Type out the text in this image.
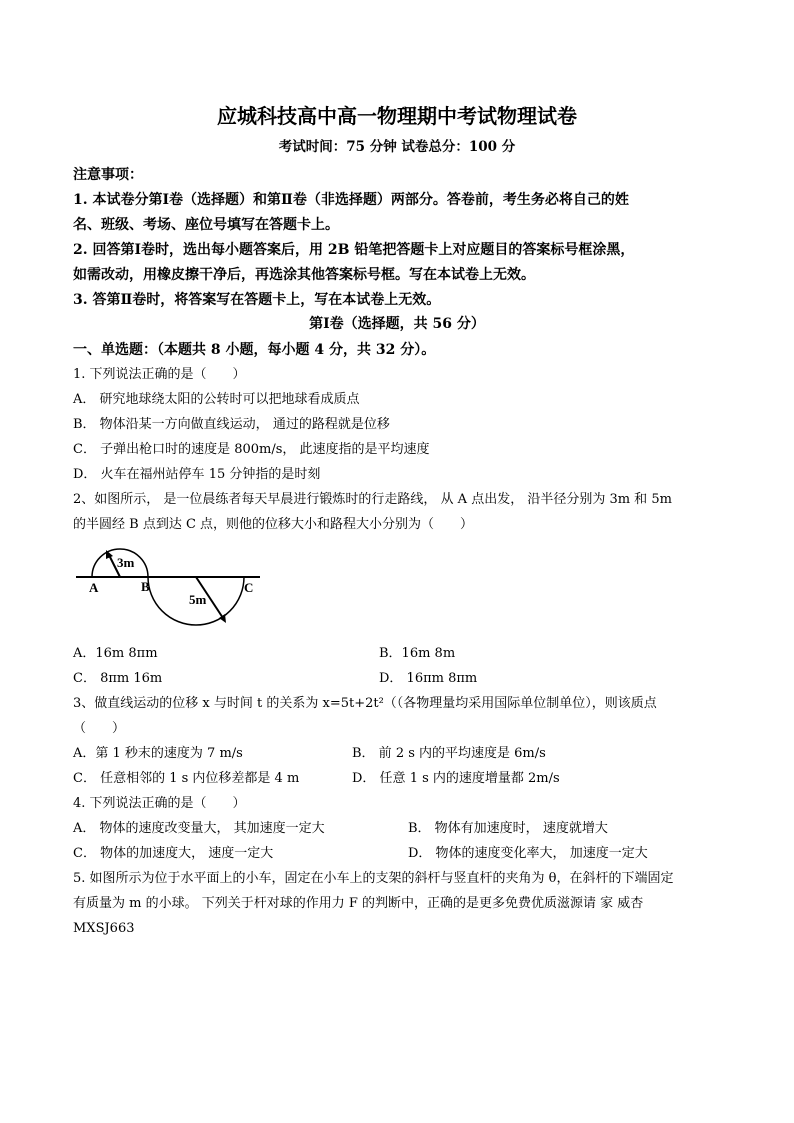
应城科技高中高一物理期中考试物理试卷
考试时间：75 分钟 试卷总分：100 分
注意事项：
1. 本试卷分第Ⅰ卷（选择题）和第Ⅱ卷（非选择题）两部分。答卷前，考生务必将自己的姓
名、班级、考场、座位号填写在答题卡上。
2. 回答第Ⅰ卷时，选出每小题答案后，用 2B 铅笔把答题卡上对应题目的答案标号框涂黑，
如需改动，用橡皮擦干净后，再选涂其他答案标号框。写在本试卷上无效。
3. 答第Ⅱ卷时，将答案写在答题卡上，写在本试卷上无效。
第Ⅰ卷（选择题，共 56 分）
一、单选题：（本题共 8 小题，每小题 4 分，共 32 分）。
1. 下列说法正确的是（　　）
A． 研究地球绕太阳的公转时可以把地球看成质点
B． 物体沿某一方向做直线运动， 通过的路程就是位移
C． 子弹出枪口时的速度是 800m/s， 此速度指的是平均速度
D． 火车在福州站停车 15 分钟指的是时刻
2、如图所示， 是一位晨练者每天早晨进行锻炼时的行走路线， 从 A 点出发， 沿半径分别为 3m 和 5m
的半圆经 B 点到达 C 点，则他的位移大小和路程大小分别为（　　）
3m
5m
A	B	C
A．16m 8πm	B．16m 8m
C． 8πm 16m	D． 16πm 8πm
3、做直线运动的位移 x 与时间 t 的关系为 x=5t+2t²（（各物理量均采用国际单位制单位），则该质点
（　　）
A．第 1 秒末的速度为 7 m/s	B． 前 2 s 内的平均速度是 6m/s
C． 任意相邻的 1 s 内位移差都是 4 m	D． 任意 1 s 内的速度增量都 2m/s
4. 下列说法正确的是（　　）
A． 物体的速度改变量大， 其加速度一定大	B． 物体有加速度时， 速度就增大
C． 物体的加速度大， 速度一定大	D． 物体的速度变化率大， 加速度一定大
5. 如图所示为位于水平面上的小车，固定在小车上的支架的斜杆与竖直杆的夹角为 θ，在斜杆的下端固定
有质量为 m 的小球。 下列关于杆对球的作用力 F 的判断中，正确的是更多免费优质滋源请 家 威杏
MXSJ663
